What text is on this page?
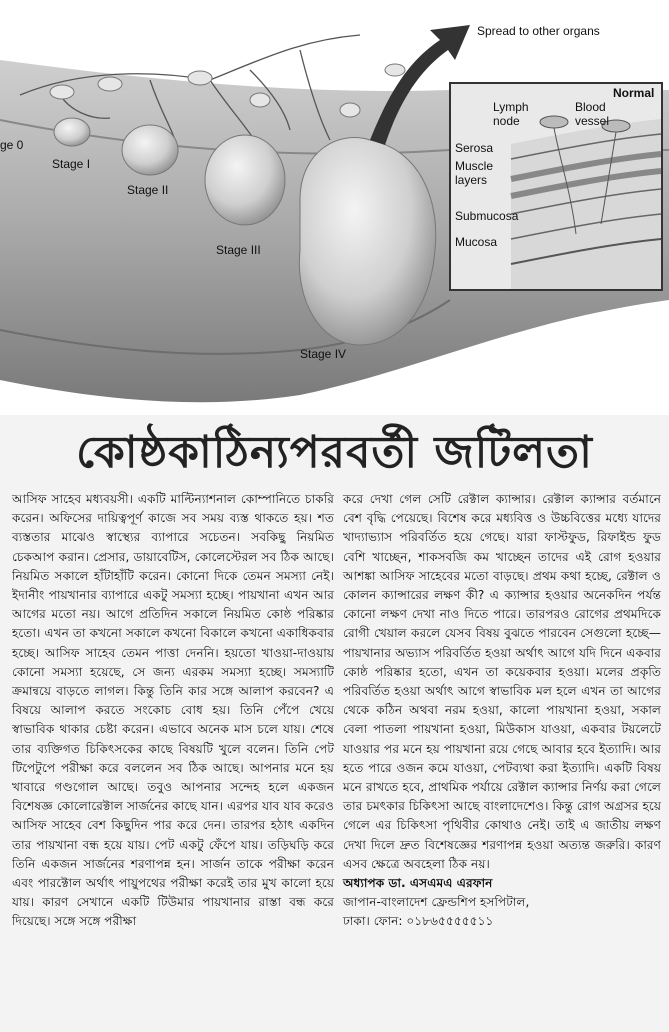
ge 0
Stage I
Stage II
Stage III
Stage IV
Spread to other organs
Normal
Lymph node
Blood vessel
Serosa
Muscle layers
Submucosa
Mucosa
কোষ্ঠকাঠিন্যপরবর্তী জটিলতা

আসিফ সাহেব মধ্যবয়সী। একটি মাল্টিন্যাশনাল কোম্পানিতে চাকরি করেন। অফিসের দায়িত্বপূর্ণ কাজে সব সময় ব্যস্ত থাকতে হয়। শত ব্যস্ততার মাঝেও স্বাস্থ্যের ব্যাপারে সচেতন। সবকিছু নিয়মিত চেকআপ করান। প্রেসার, ডায়াবেটিস, কোলেস্টেরল সব ঠিক আছে। নিয়মিত সকালে হাঁটাহাঁটি করেন। কোনো দিকে তেমন সমস্যা নেই। ইদানীং পায়খানার ব্যাপারে একটু সমস্যা হচ্ছে। পায়খানা এখন আর আগের মতো নয়। আগে প্রতিদিন সকালে নিয়মিত কোষ্ঠ পরিষ্কার হতো। এখন তা কখনো সকালে কখনো বিকালে কখনো একাধিকবার হচ্ছে। আসিফ সাহেব তেমন পাত্তা দেননি। হয়তো খাওয়া-দাওয়ায় কোনো সমস্যা হয়েছে, সে জন্য এরকম সমস্যা হচ্ছে। সমস্যাটি ক্রমান্বয়ে বাড়তে লাগল। কিন্তু তিনি কার সঙ্গে আলাপ করবেন? এ বিষয়ে আলাপ করতে সংকোচ বোধ হয়। তিনি পেঁপে খেয়ে স্বাভাবিক থাকার চেষ্টা করেন। এভাবে অনেক মাস চলে যায়। শেষে তার ব্যক্তিগত চিকিৎসকের কাছে বিষয়টি খুলে বলেন। তিনি পেট টিপেটুপে পরীক্ষা করে বললেন সব ঠিক আছে। আপনার মনে হয় খাবারে গণ্ডগোল আছে। তবুও আপনার সন্দেহ হলে একজন বিশেষজ্ঞ কোলোরেক্টাল সার্জনের কাছে যান। এরপর যাব যাব করেও আসিফ সাহেব বেশ কিছুদিন পার করে দেন। তারপর হঠাৎ একদিন তার পায়খানা বন্ধ হয়ে যায়। পেট একটু ফেঁপে যায়। তড়িঘড়ি করে তিনি একজন সার্জনের শরণাপন্ন হন। সার্জন তাকে পরীক্ষা করেন এবং পারক্টোল অর্থাৎ পায়ুপথের পরীক্ষা করেই তার মুখ কালো হয়ে যায়। কারণ সেখানে একটি টিউমার পায়খানার রাস্তা বন্ধ করে দিয়েছে। সঙ্গে সঙ্গে পরীক্ষা

করে দেখা গেল সেটি রেক্টাল ক্যান্সার। রেক্টাল ক্যান্সার বর্তমানে বেশ বৃদ্ধি পেয়েছে। বিশেষ করে মধ্যবিত্ত ও উচ্চবিত্তের মধ্যে যাদের খাদ্যাভ্যাস পরিবর্তিত হয়ে গেছে। যারা ফাস্টফুড, রিফাইন্ড ফুড বেশি খাচ্ছেন, শাকসবজি কম খাচ্ছেন তাদের এই রোগ হওয়ার আশঙ্কা আসিফ সাহেবের মতো বাড়ছে। প্রথম কথা হচ্ছে, রেক্টাল ও কোলন ক্যান্সারের লক্ষণ কী? এ ক্যান্সার হওয়ার অনেকদিন পর্যন্ত কোনো লক্ষণ দেখা নাও দিতে পারে। তারপরও রোগের প্রথমদিকে রোগী খেয়াল করলে যেসব বিষয় বুঝতে পারবেন সেগুলো হচ্ছে—পায়খানার অভ্যাস পরিবর্তিত হওয়া অর্থাৎ আগে যদি দিনে একবার কোষ্ঠ পরিষ্কার হতো, এখন তা কয়েকবার হওয়া। মলের প্রকৃতি পরিবর্তিত হওয়া অর্থাৎ আগে স্বাভাবিক মল হলে এখন তা আগের থেকে কঠিন অথবা নরম হওয়া, কালো পায়খানা হওয়া, সকাল বেলা পাতলা পায়খানা হওয়া, মিউকাস যাওয়া, একবার টয়লেটে যাওয়ার পর মনে হয় পায়খানা রয়ে গেছে আবার হবে ইত্যাদি। আর হতে পারে ওজন কমে যাওয়া, পেটব্যথা করা ইত্যাদি। একটি বিষয় মনে রাখতে হবে, প্রাথমিক পর্যায়ে রেক্টাল ক্যান্সার নির্ণয় করা গেলে তার চমৎকার চিকিৎসা আছে বাংলাদেশেও। কিন্তু রোগ অগ্রসর হয়ে গেলে এর চিকিৎসা পৃথিবীর কোথাও নেই। তাই এ জাতীয় লক্ষণ দেখা দিলে দ্রুত বিশেষজ্ঞের শরণাপন্ন হওয়া অত্যন্ত জরুরি। কারণ এসব ক্ষেত্রে অবহেলা ঠিক নয়।

অধ্যাপক ডা. এসএমএ এরফান

জাপান-বাংলাদেশ ফ্রেন্ডশিপ হসপিটাল,

ঢাকা। ফোন: ০১৮৬৫৫৫৫৫১১
